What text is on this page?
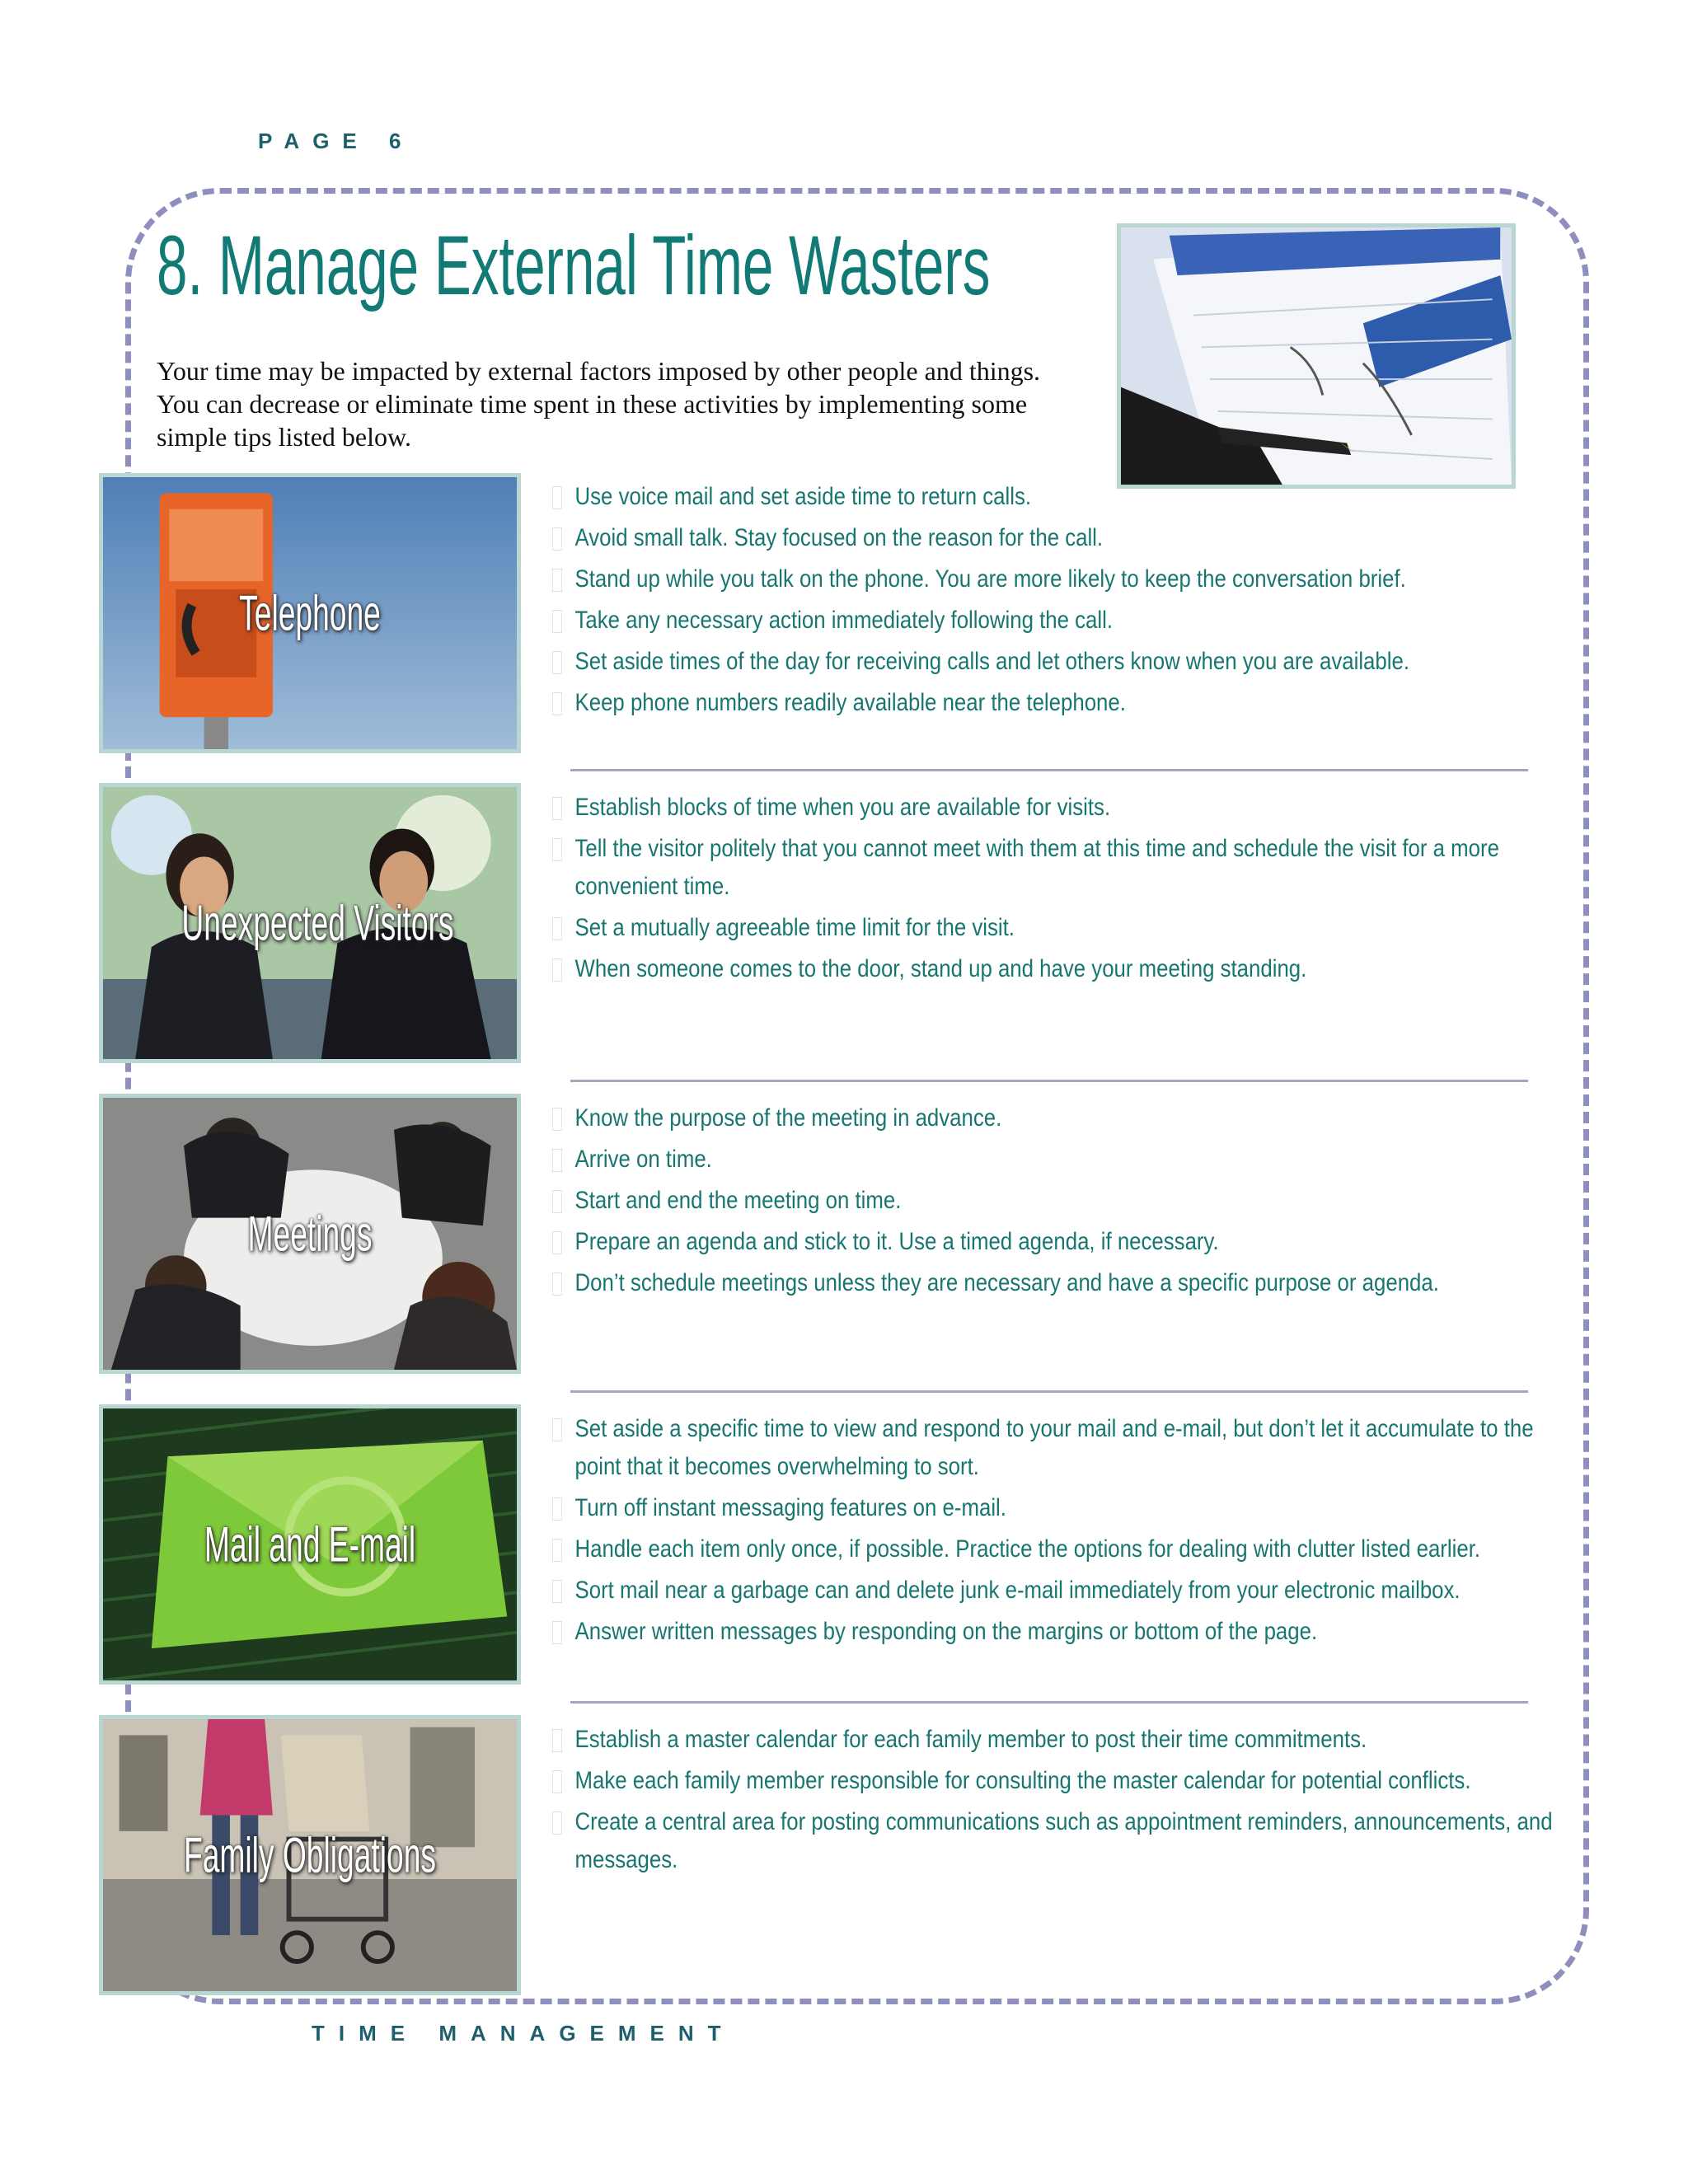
PAGE 6
8. Manage External Time Wasters

Your time may be impacted by external factors imposed by other people and things. You can decrease or eliminate time spent in these activities by implementing some simple tips listed below.

Telephone
Use voice mail and set aside time to return calls.
Avoid small talk. Stay focused on the reason for the call.
Stand up while you talk on the phone. You are more likely to keep the conversation brief.
Take any necessary action immediately following the call.
Set aside times of the day for receiving calls and let others know when you are available.
Keep phone numbers readily available near the telephone.
Unexpected Visitors
Establish blocks of time when you are available for visits.
Tell the visitor politely that you cannot meet with them at this time and schedule the visit for a more convenient time.
Set a mutually agreeable time limit for the visit.
When someone comes to the door, stand up and have your meeting standing.
Meetings
Know the purpose of the meeting in advance.
Arrive on time.
Start and end the meeting on time.
Prepare an agenda and stick to it. Use a timed agenda, if necessary.
Don’t schedule meetings unless they are necessary and have a specific purpose or agenda.
Mail and E-mail
Set aside a specific time to view and respond to your mail and e-mail, but don’t let it accumulate to the point that it becomes overwhelming to sort.
Turn off instant messaging features on e-mail.
Handle each item only once, if possible. Practice the options for dealing with clutter listed earlier.
Sort mail near a garbage can and delete junk e-mail immediately from your electronic mailbox.
Answer written messages by responding on the margins or bottom of the page.
Family Obligations
Establish a master calendar for each family member to post their time commitments.
Make each family member responsible for consulting the master calendar for potential conflicts.
Create a central area for posting communications such as appointment reminders, announcements, and messages.
TIME MANAGEMENT
